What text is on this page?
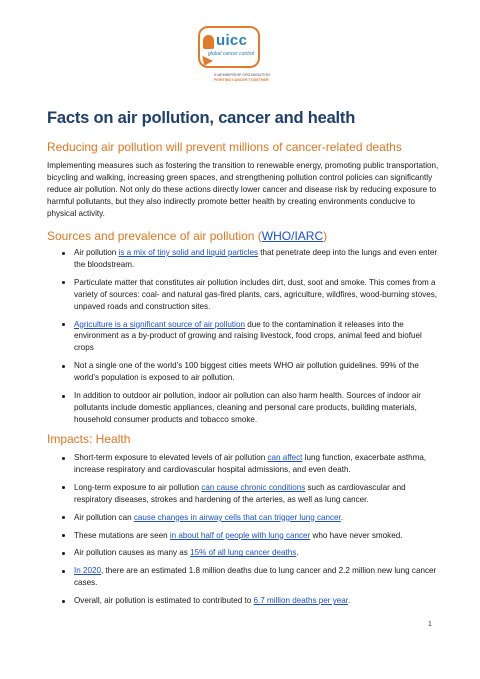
uicc
global cancer control
A MEMBERSHIP ORGANISATION
FIGHTING CANCER TOGETHER
Facts on air pollution, cancer and health
Reducing air pollution will prevent millions of cancer-related deaths

Implementing measures such as fostering the transition to renewable energy, promoting public transportation, bicycling and walking, increasing green spaces, and strengthening pollution control policies can significantly reduce air pollution. Not only do these actions directly lower cancer and disease risk by reducing exposure to harmful pollutants, but they also indirectly promote better health by creating environments conducive to physical activity.

Sources and prevalence of air pollution (WHO/IARC)
Air pollution is a mix of tiny solid and liquid particles that penetrate deep into the lungs and even enter the bloodstream.
Particulate matter that constitutes air pollution includes dirt, dust, soot and smoke. This comes from a variety of sources: coal- and natural gas-fired plants, cars, agriculture, wildfires, wood-burning stoves, unpaved roads and construction sites.
Agriculture is a significant source of air pollution due to the contamination it releases into the environment as a by-product of growing and raising livestock, food crops, animal feed and biofuel crops
Not a single one of the world’s 100 biggest cities meets WHO air pollution guidelines. 99% of the world’s population is exposed to air pollution.
In addition to outdoor air pollution, indoor air pollution can also harm health. Sources of indoor air pollutants include domestic appliances, cleaning and personal care products, building materials, household consumer products and tobacco smoke.
Impacts: Health
Short-term exposure to elevated levels of air pollution can affect lung function, exacerbate asthma, increase respiratory and cardiovascular hospital admissions, and even death.
Long-term exposure to air pollution can cause chronic conditions such as cardiovascular and respiratory diseases, strokes and hardening of the arteries, as well as lung cancer.
Air pollution can cause changes in airway cells that can trigger lung cancer.
These mutations are seen in about half of people with lung cancer who have never smoked.
Air pollution causes as many as 15% of all lung cancer deaths.
In 2020, there are an estimated 1.8 million deaths due to lung cancer and 2.2 million new lung cancer cases.
Overall, air pollution is estimated to contributed to 6.7 million deaths per year.
1
